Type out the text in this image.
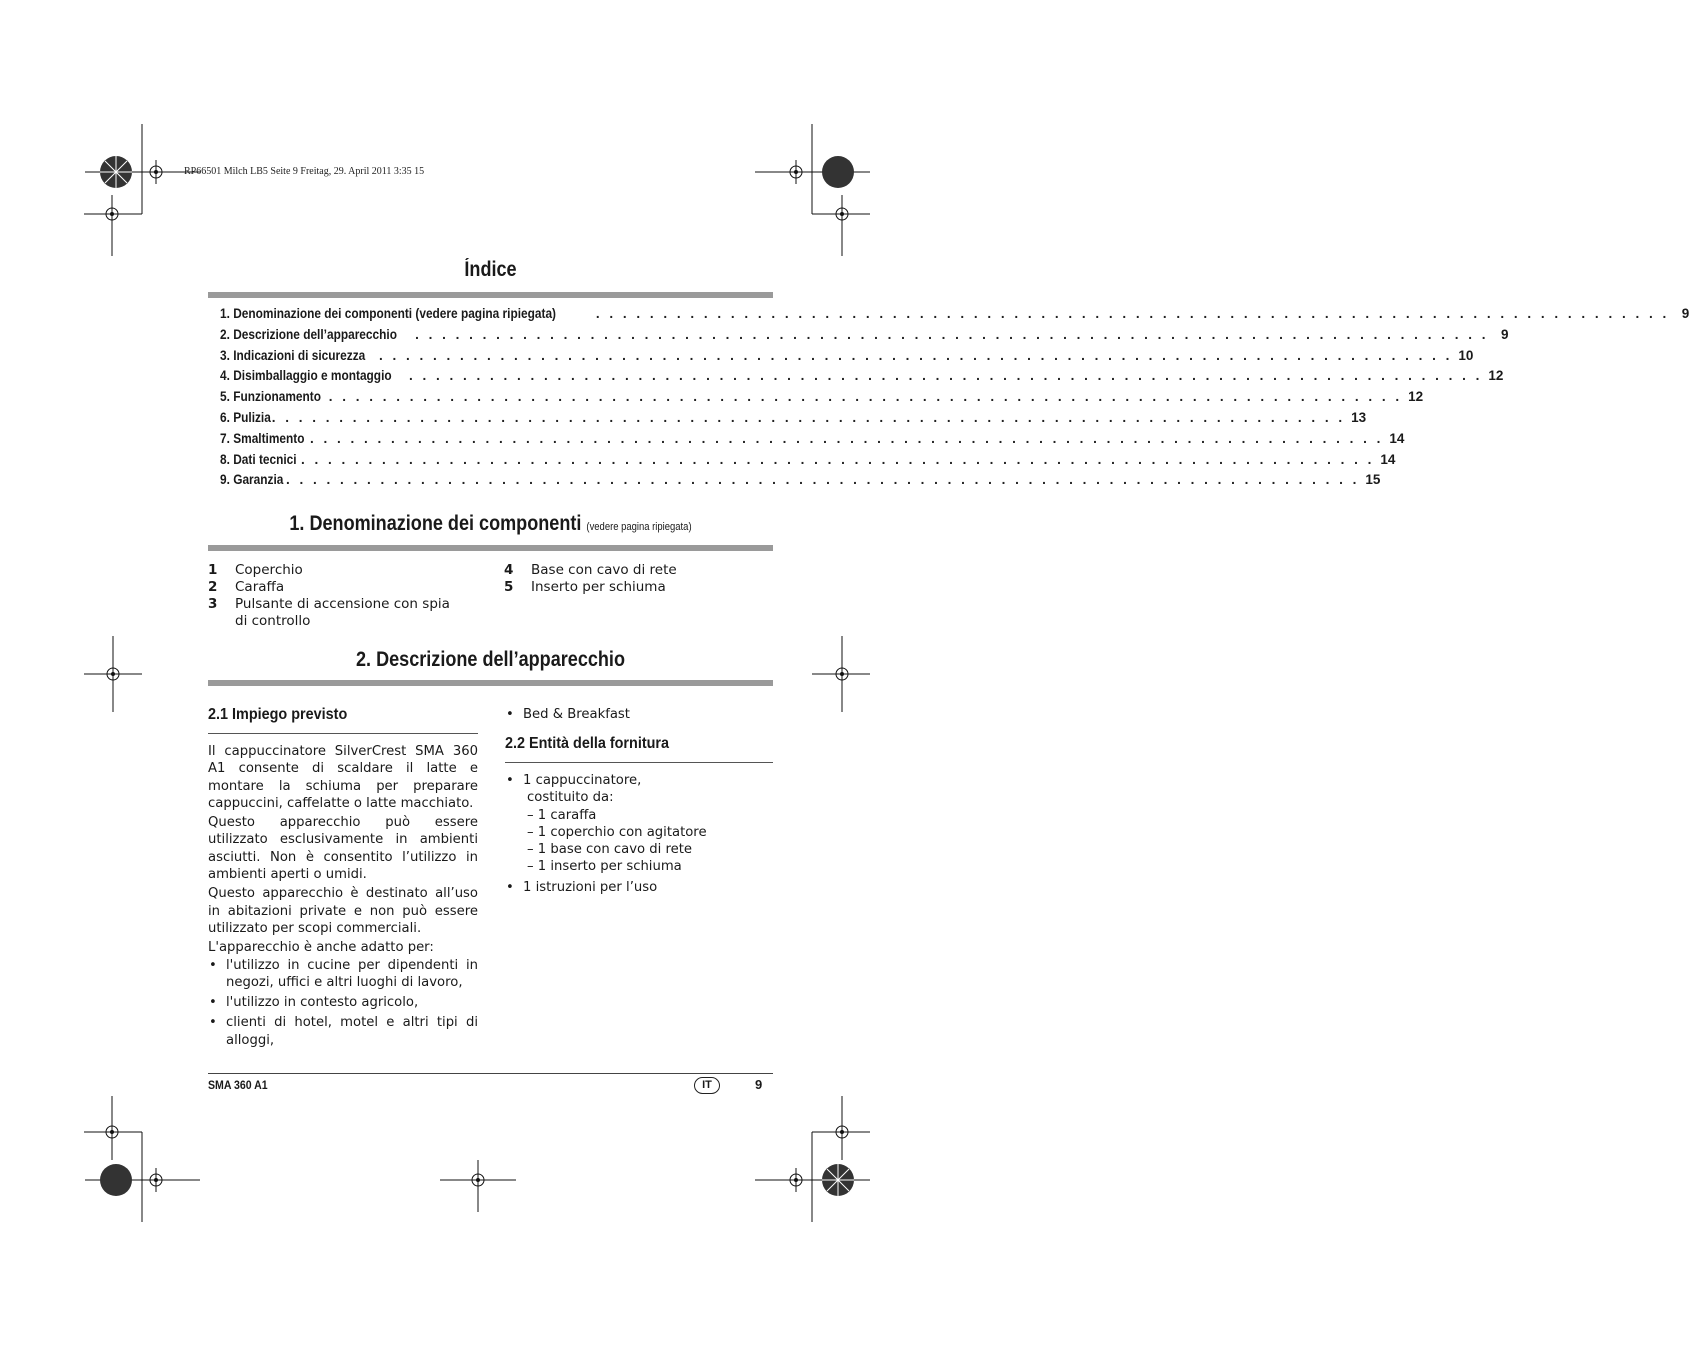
RP66501 Milch LB5 Seite 9 Freitag, 29. April 2011 3:35 15
Índice
1. Denominazione dei componenti (vedere pagina ripiegata)	. . . . . . . . . . . . . . . . . . . . . . . . . . . . . . . . . . . . . . . . . . . . . . . . . . . . . . . . . . . . . . . . . . . . . . . . . . . . . . . . 9
2. Descrizione dell’apparecchio . . . . . . . . . . . . . . . . . . . . . . . . . . . . . . . . . . . . . . . . . . . . . . . . . . . . . . . . . . . . . . . . . . . . . . . . . . . . . . . . 9
3. Indicazioni di sicurezza . . . . . . . . . . . . . . . . . . . . . . . . . . . . . . . . . . . . . . . . . . . . . . . . . . . . . . . . . . . . . . . . . . . . . . . . . . . . . . . . 10
4. Disimballaggio e montaggio . . . . . . . . . . . . . . . . . . . . . . . . . . . . . . . . . . . . . . . . . . . . . . . . . . . . . . . . . . . . . . . . . . . . . . . . . . . . . . . . 12
5. Funzionamento . . . . . . . . . . . . . . . . . . . . . . . . . . . . . . . . . . . . . . . . . . . . . . . . . . . . . . . . . . . . . . . . . . . . . . . . . . . . . . . . 12
6. Pulizia . . . . . . . . . . . . . . . . . . . . . . . . . . . . . . . . . . . . . . . . . . . . . . . . . . . . . . . . . . . . . . . . . . . . . . . . . . . . . . . . 13
7. Smaltimento . . . . . . . . . . . . . . . . . . . . . . . . . . . . . . . . . . . . . . . . . . . . . . . . . . . . . . . . . . . . . . . . . . . . . . . . . . . . . . . . 14
8. Dati tecnici . . . . . . . . . . . . . . . . . . . . . . . . . . . . . . . . . . . . . . . . . . . . . . . . . . . . . . . . . . . . . . . . . . . . . . . . . . . . . . . . 14
9. Garanzia . . . . . . . . . . . . . . . . . . . . . . . . . . . . . . . . . . . . . . . . . . . . . . . . . . . . . . . . . . . . . . . . . . . . . . . . . . . . . . . . 15
1. Denominazione dei componenti (vedere pagina ripiegata)
1 Coperchio
2 Caraffa
3 Pulsante di accensione con spia di controllo
4 Base con cavo di rete
5 Inserto per schiuma
2. Descrizione dell’apparecchio
2.1 Impiego previsto

Il cappuccinatore SilverCrest SMA 360 A1 consente di scaldare il latte e montare la schiuma per preparare cappuccini, caffelatte o latte macchiato.

Questo apparecchio può essere utilizzato esclusivamente in ambienti asciutti. Non è consentito l’utilizzo in ambienti aperti o umidi.

Questo apparecchio è destinato all’uso in abitazioni private e non può essere utilizzato per scopi commerciali.

L'apparecchio è anche adatto per:

• l'utilizzo in cucine per dipendenti in negozi, uffici e altri luoghi di lavoro,
• l'utilizzo in contesto agricolo,
• clienti di hotel, motel e altri tipi di alloggi,
• Bed & Breakfast
2.2 Entità della fornitura
• 1 cappuccinatore,
costituito da:
– 1 caraffa
– 1 coperchio con agitatore
– 1 base con cavo di rete
– 1 inserto per schiuma
• 1 istruzioni per l’uso
SMA 360 A1	IT	9
